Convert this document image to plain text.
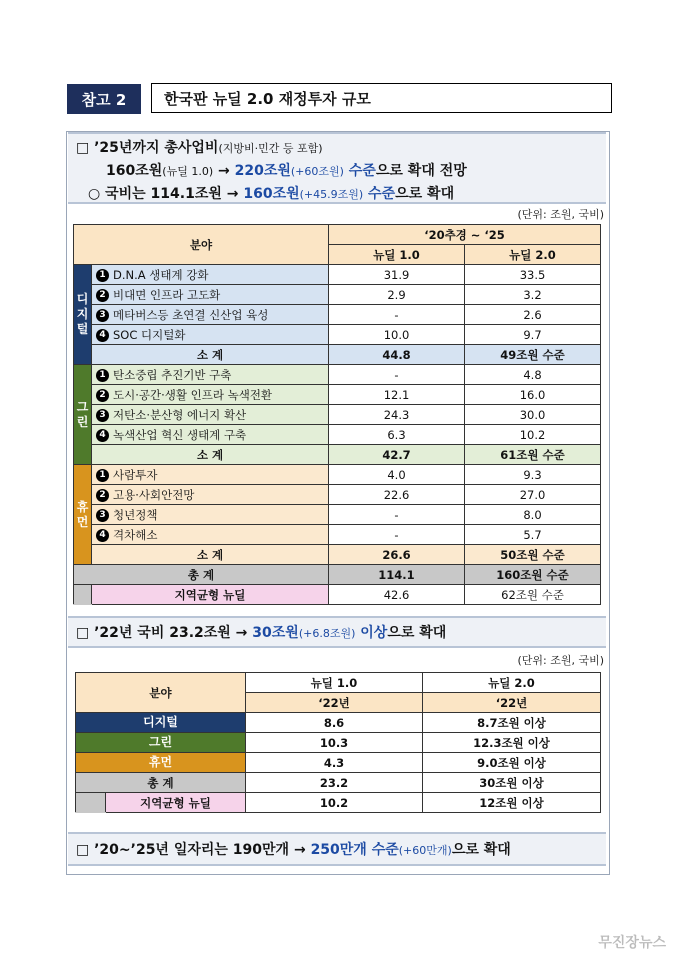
참고 2	한국판 뉴딜 2.0 재정투자 규모
□ ’25년까지 총사업비(지방비·민간 등 포함)
160조원(뉴딜 1.0) → 220조원(+60조원) 수준으로 확대 전망
○ 국비는 114.1조원 → 160조원(+45.9조원) 수준으로 확대
(단위: 조원, 국비)
분야		‘20추경 ~ ‘25	
		뉴딜 1.0	뉴딜 2.0
디지털	1 D.N.A 생태계 강화	31.9	33.5
	2 비대면 인프라 고도화	2.9	3.2
	3 메타버스등 초연결 신산업 육성	-	2.6
	4 SOC 디지털화	10.0	9.7
	소 계	44.8	49조원 수준
그린	1 탄소중립 추진기반 구축	-	4.8
	2 도시·공간·생활 인프라 녹색전환	12.1	16.0
	3 저탄소·분산형 에너지 확산	24.3	30.0
	4 녹색산업 혁신 생태계 구축	6.3	10.2
	소 계	42.7	61조원 수준
휴먼	1 사람투자	4.0	9.3
	2 고용·사회안전망	22.6	27.0
	3 청년정책	-	8.0
	4 격차해소	-	5.7
	소 계	26.6	50조원 수준
총 계		114.1	160조원 수준
	지역균형 뉴딜	42.6	62조원 수준
□ ’22년 국비 23.2조원 → 30조원(+6.8조원) 이상으로 확대
(단위: 조원, 국비)
분야		뉴딜 1.0	뉴딜 2.0
		‘22년	‘22년
디지털		8.6	8.7조원 이상
그린		10.3	12.3조원 이상
휴먼		4.3	9.0조원 이상
총 계		23.2	30조원 이상
	지역균형 뉴딜	10.2	12조원 이상
□ ’20~’25년 일자리는 190만개 → 250만개 수준(+60만개)으로 확대
무진장뉴스
